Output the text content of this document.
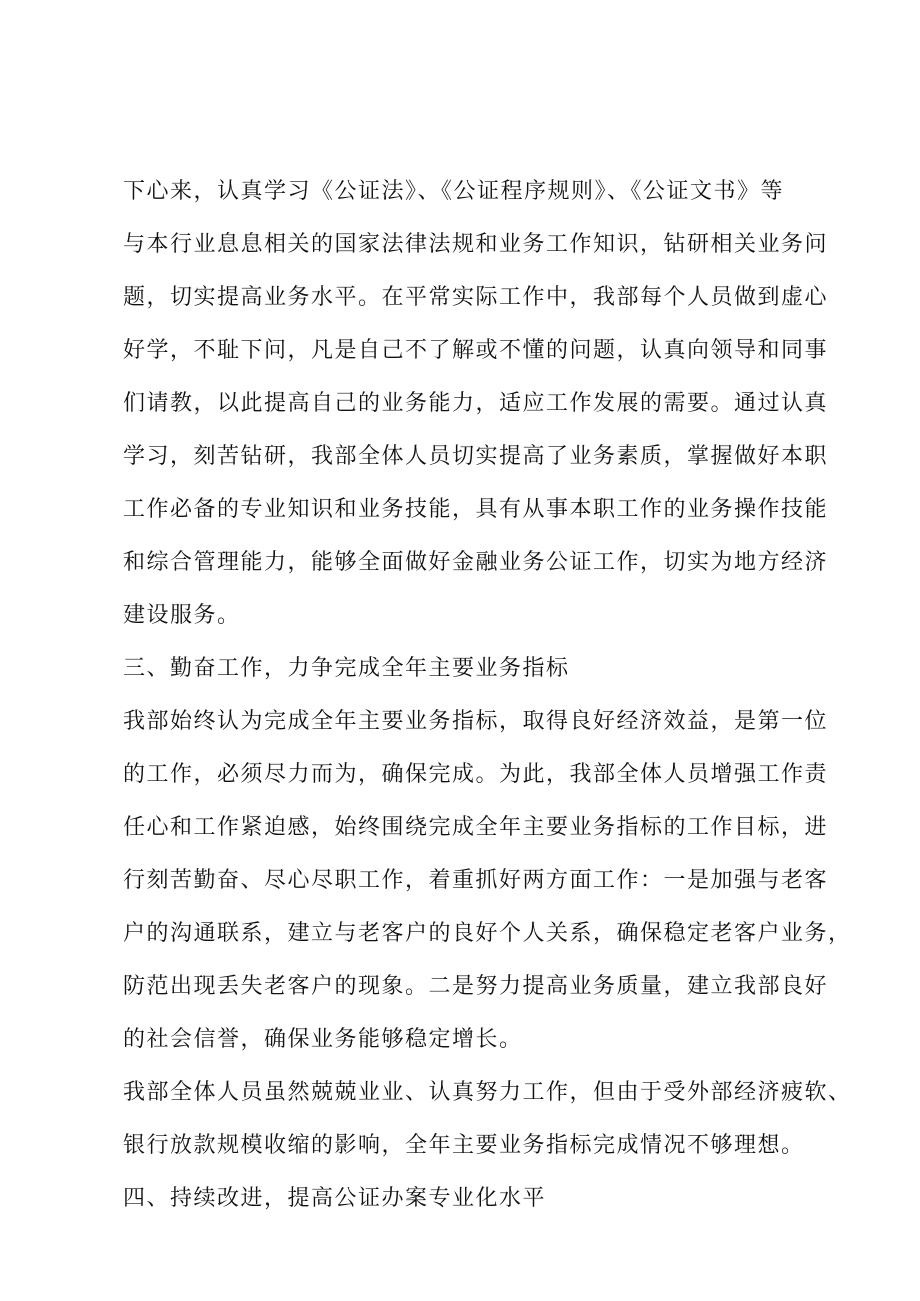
下心来，认真学习《公证法》、《公证程序规则》、《公证文书》等
与本行业息息相关的国家法律法规和业务工作知识，钻研相关业务问
题，切实提高业务水平。在平常实际工作中，我部每个人员做到虚心
好学，不耻下问，凡是自己不了解或不懂的问题，认真向领导和同事
们请教，以此提高自己的业务能力，适应工作发展的需要。通过认真
学习，刻苦钻研，我部全体人员切实提高了业务素质，掌握做好本职
工作必备的专业知识和业务技能，具有从事本职工作的业务操作技能
和综合管理能力，能够全面做好金融业务公证工作，切实为地方经济
建设服务。
三、勤奋工作，力争完成全年主要业务指标
我部始终认为完成全年主要业务指标，取得良好经济效益，是第一位
的工作，必须尽力而为，确保完成。为此，我部全体人员增强工作责
任心和工作紧迫感，始终围绕完成全年主要业务指标的工作目标，进
行刻苦勤奋、尽心尽职工作，着重抓好两方面工作：一是加强与老客
户的沟通联系，建立与老客户的良好个人关系，确保稳定老客户业务，
防范出现丢失老客户的现象。二是努力提高业务质量，建立我部良好
的社会信誉，确保业务能够稳定增长。
我部全体人员虽然兢兢业业、认真努力工作，但由于受外部经济疲软、
银行放款规模收缩的影响，全年主要业务指标完成情况不够理想。
四、持续改进，提高公证办案专业化水平
